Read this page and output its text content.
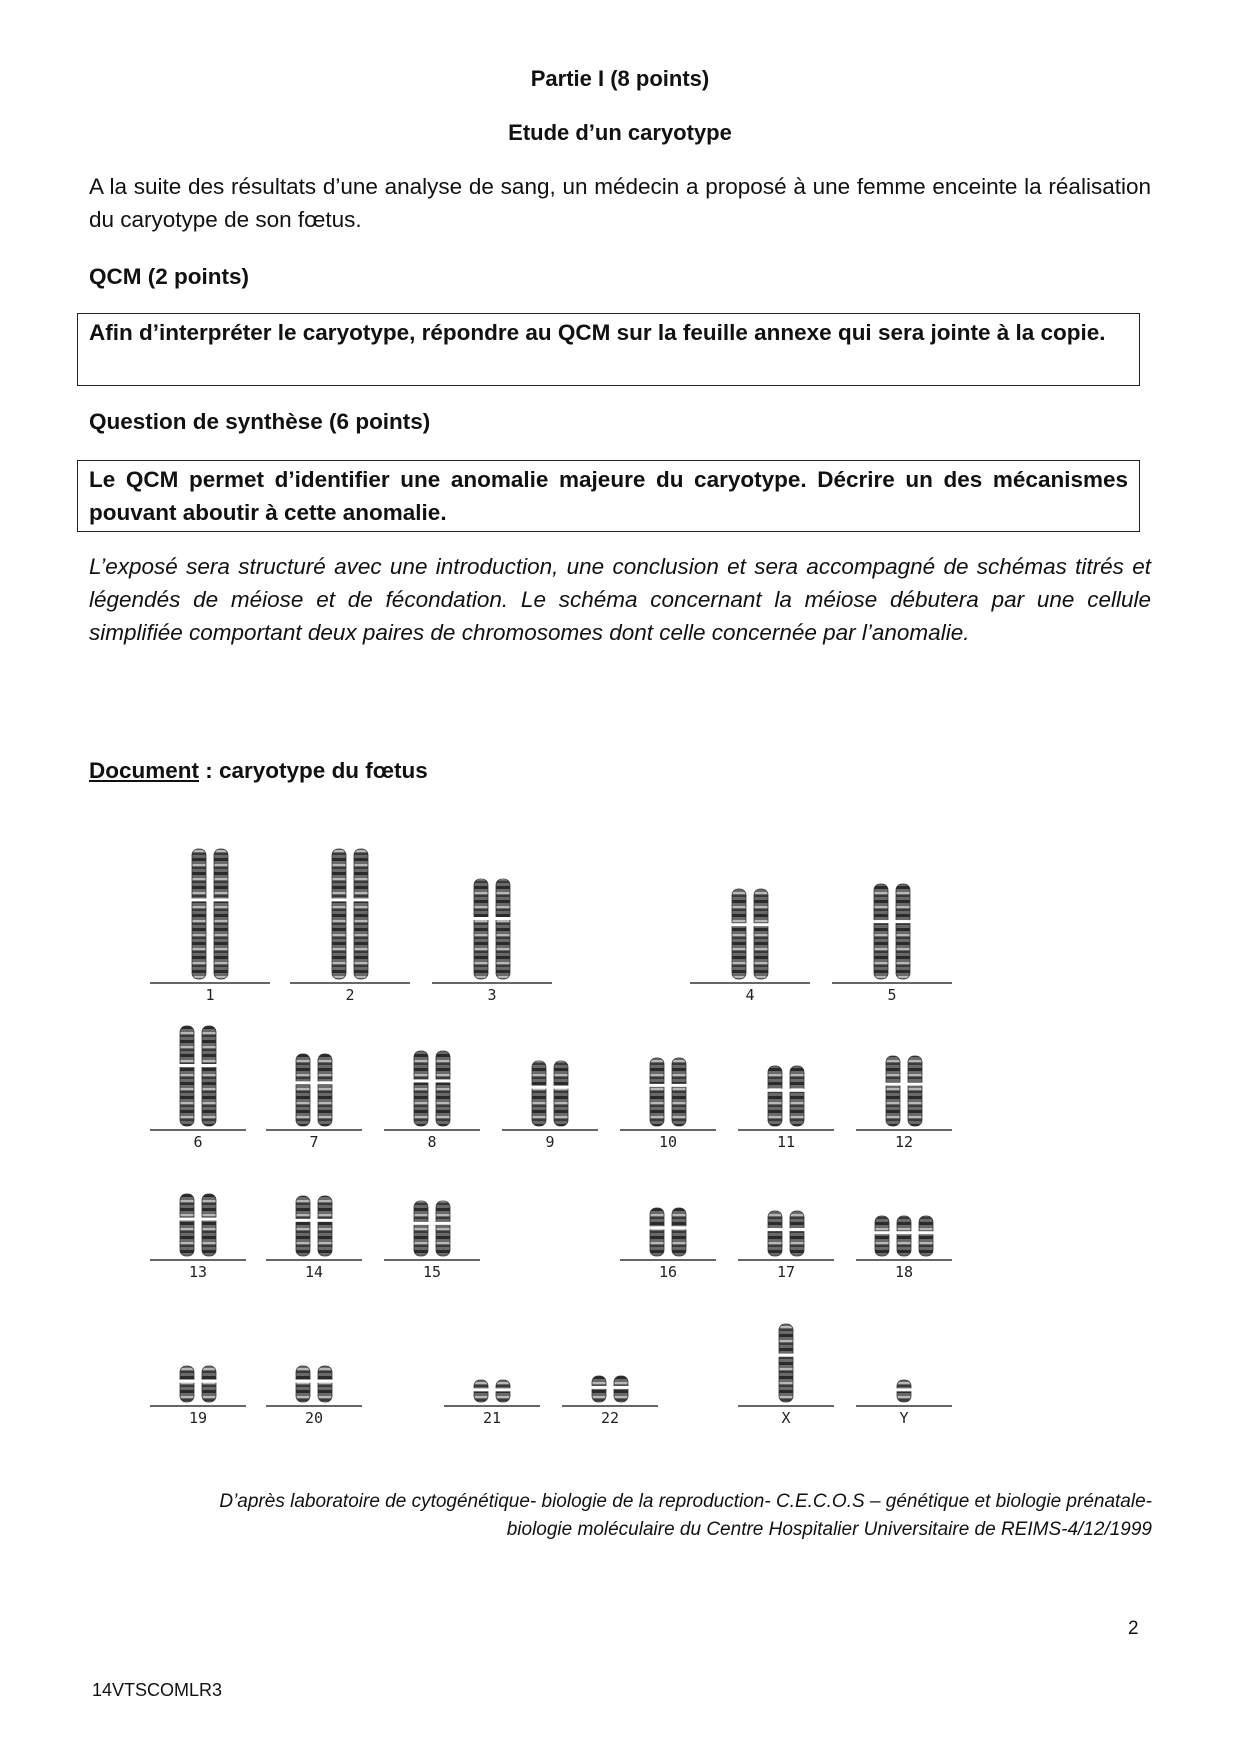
Partie I (8 points)
Etude d’un caryotype
A la suite des résultats d’une analyse de sang, un médecin a proposé à une femme enceinte la réalisation du caryotype de son fœtus.
QCM (2 points)
Afin d’interpréter le caryotype, répondre au QCM sur la feuille annexe qui sera jointe à la copie.
Question de synthèse (6 points)
Le QCM permet d’identifier une anomalie majeure du caryotype. Décrire un des mécanismes pouvant aboutir à cette anomalie.
L’exposé sera structuré avec une introduction, une conclusion et sera accompagné de schémas titrés et légendés de méiose et de fécondation. Le schéma concernant la méiose débutera par une cellule simplifiée comportant deux paires de chromosomes dont celle concernée par l’anomalie.
Document : caryotype du fœtus
1	2	3	4	5
6	7	8	9	10	11	12
13	14	15	16	17	18
19	20	21	22	X	Y
D’après laboratoire de cytogénétique- biologie de la reproduction- C.E.C.O.S – génétique et biologie prénatale-
biologie moléculaire du Centre Hospitalier Universitaire de REIMS-4/12/1999
2
14VTSCOMLR3
